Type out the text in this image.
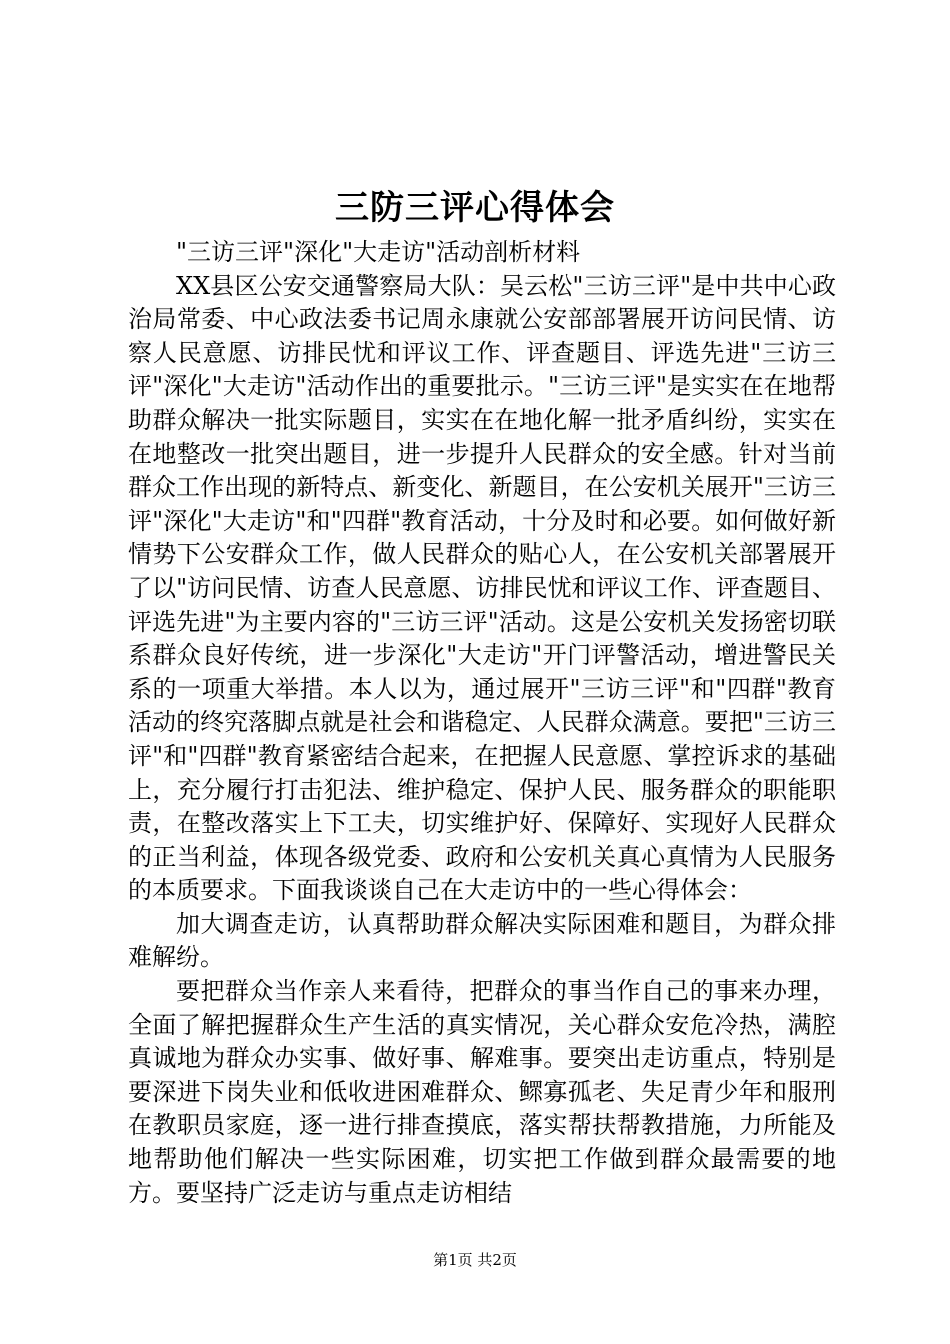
三防三评心得体会

"三访三评"深化"大走访"活动剖析材料

XX县区公安交通警察局大队：吴云松"三访三评"是中共中心政治局常委、中心政法委书记周永康就公安部部署展开访问民情、访察人民意愿、访排民忧和评议工作、评查题目、评选先进"三访三评"深化"大走访"活动作出的重要批示。"三访三评"是实实在在地帮助群众解决一批实际题目，实实在在地化解一批矛盾纠纷，实实在在地整改一批突出题目，进一步提升人民群众的安全感。针对当前群众工作出现的新特点、新变化、新题目，在公安机关展开"三访三评"深化"大走访"和"四群"教育活动，十分及时和必要。如何做好新情势下公安群众工作，做人民群众的贴心人，在公安机关部署展开了以"访问民情、访查人民意愿、访排民忧和评议工作、评查题目、评选先进"为主要内容的"三访三评"活动。这是公安机关发扬密切联系群众良好传统，进一步深化"大走访"开门评警活动，增进警民关系的一项重大举措。本人以为，通过展开"三访三评"和"四群"教育活动的终究落脚点就是社会和谐稳定、人民群众满意。要把"三访三评"和"四群"教育紧密结合起来，在把握人民意愿、掌控诉求的基础上，充分履行打击犯法、维护稳定、保护人民、服务群众的职能职责，在整改落实上下工夫，切实维护好、保障好、实现好人民群众的正当利益，体现各级党委、政府和公安机关真心真情为人民服务的本质要求。下面我谈谈自己在大走访中的一些心得体会：

加大调查走访，认真帮助群众解决实际困难和题目，为群众排难解纷。

要把群众当作亲人来看待，把群众的事当作自己的事来办理，全面了解把握群众生产生活的真实情况，关心群众安危冷热，满腔真诚地为群众办实事、做好事、解难事。要突出走访重点，特别是要深进下岗失业和低收进困难群众、鳏寡孤老、失足青少年和服刑在教职员家庭，逐一进行排查摸底，落实帮扶帮教措施，力所能及地帮助他们解决一些实际困难，切实把工作做到群众最需要的地方。要坚持广泛走访与重点走访相结

第1页 共2页
